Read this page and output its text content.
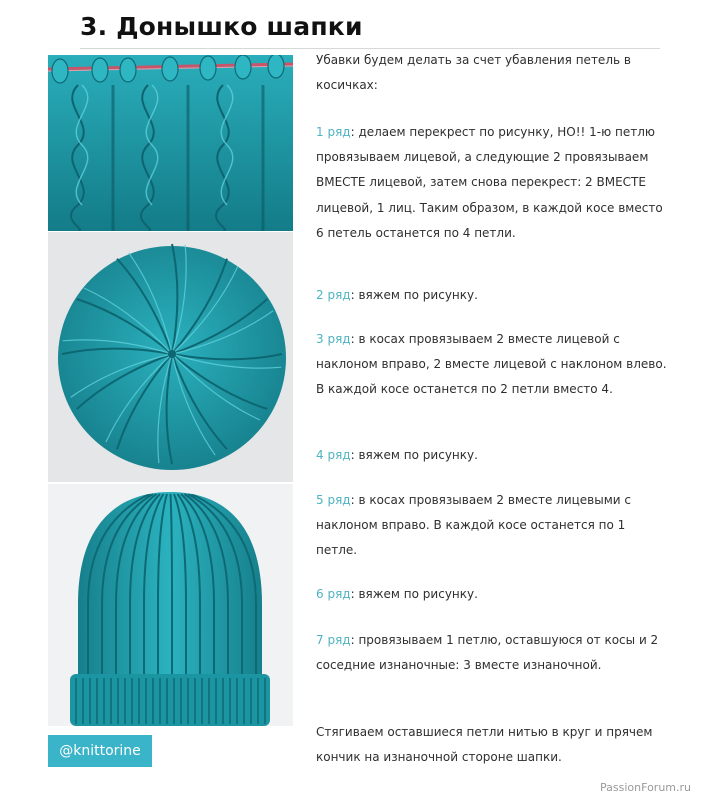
3. Донышко шапки
@knittorine

Убавки будем делать за счет убавления петель в косичках:

1 ряд: делаем перекрест по рисунку, НО!! 1-ю петлю провязываем лицевой, а следующие 2 провязываем ВМЕСТЕ лицевой, затем снова перекрест: 2 ВМЕСТЕ лицевой, 1 лиц. Таким образом, в каждой косе вместо 6 петель останется по 4 петли.

2 ряд: вяжем по рисунку.

3 ряд: в косах провязываем 2 вместе лицевой с наклоном вправо, 2 вместе лицевой с наклоном влево. В каждой косе останется по 2 петли вместо 4.

4 ряд: вяжем по рисунку.

5 ряд: в косах провязываем 2 вместе лицевыми с наклоном вправо. В каждой косе останется по 1 петле.

6 ряд: вяжем по рисунку.

7 ряд: провязываем 1 петлю, оставшуюся от косы и 2 соседние изнаночные: 3 вместе изнаночной.

Стягиваем оставшиеся петли нитью в круг и прячем кончик на изнаночной стороне шапки.

PassionForum.ru
